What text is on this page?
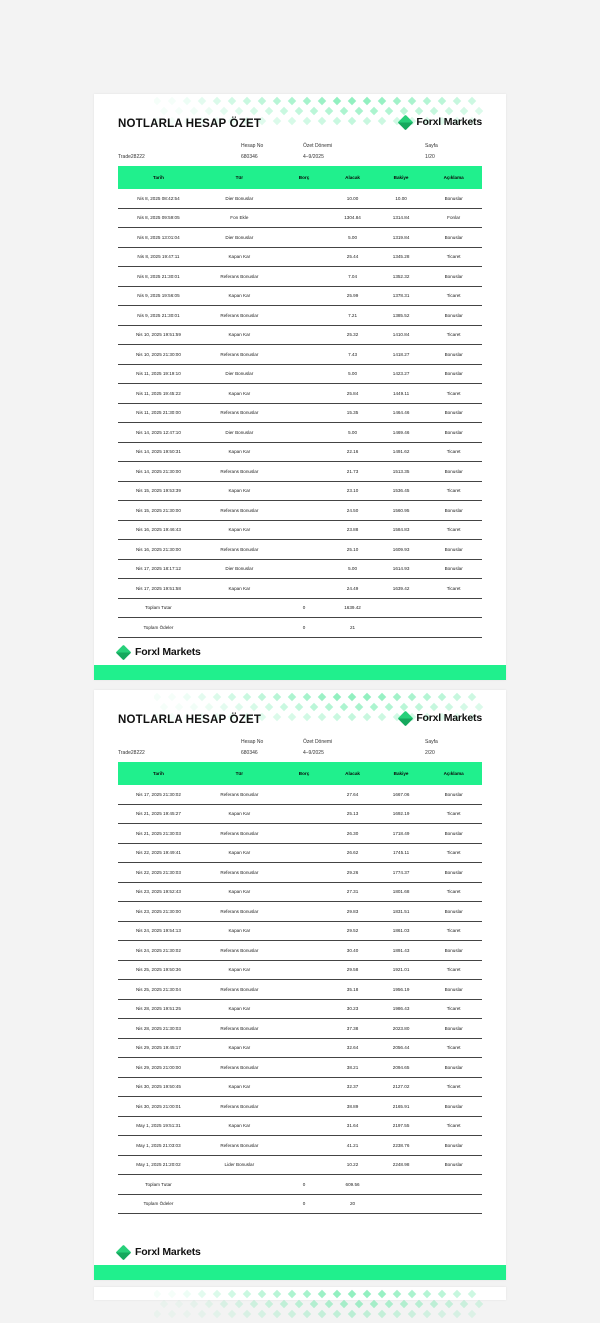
NOTLARLA HESAP ÖZET	Forxl Markets
Hesap No
680346
Özet Dönemi
4–9/2025
Sayfa
1/20
Trade28222
Tarih	Tür	Borç	Alacak	Bakiye	Açıklama
Nis 8, 2025 08:42:54	Dier Bonuslar		10.00	10.00	Bonuslar
Nis 8, 2025 09:59:05	Fon Ekle		1304.84	1314.84	Fonlar
Nis 8, 2025 13:01:04	Dier Bonuslar		5.00	1319.84	Bonuslar
Nis 8, 2025 19:47:11	Kapan Kar		25.44	1345.28	Ticaret
Nis 8, 2025 21:30:01	Referans Bonuslar		7.04	1352.32	Bonuslar
Nis 9, 2025 19:56:05	Kapan Kar		25.99	1378.31	Ticaret
Nis 9, 2025 21:30:01	Referans Bonuslar		7.21	1385.52	Bonuslar
Nis 10, 2025 19:51:59	Kapan Kar		25.32	1410.84	Ticaret
Nis 10, 2025 21:30:00	Referans Bonuslar		7.43	1418.27	Bonuslar
Nis 11, 2025 19:19:10	Dier Bonuslar		5.00	1423.27	Bonuslar
Nis 11, 2025 19:45:22	Kapan Kar		25.84	1449.11	Ticaret
Nis 11, 2025 21:30:00	Referans Bonuslar		15.35	1464.46	Bonuslar
Nis 14, 2025 12:47:10	Dier Bonuslar		5.00	1469.46	Bonuslar
Nis 14, 2025 19:50:31	Kapan Kar		22.16	1491.62	Ticaret
Nis 14, 2025 21:30:00	Referans Bonuslar		21.73	1513.35	Bonuslar
Nis 15, 2025 19:53:39	Kapan Kar		23.10	1536.45	Ticaret
Nis 15, 2025 21:30:00	Referans Bonuslar		24.50	1560.95	Bonuslar
Nis 16, 2025 19:46:43	Kapan Kar		23.88	1584.83	Ticaret
Nis 16, 2025 21:30:00	Referans Bonuslar		25.10	1609.93	Bonuslar
Nis 17, 2025 18:17:12	Dier Bonuslar		5.00	1614.93	Bonuslar
Nis 17, 2025 19:51:58	Kapan Kar		24.49	1639.42	Ticaret
Toplam Tutar		0	1639.42		
Toplam Ödeler		0	21		
Forxl Markets
NOTLARLA HESAP ÖZET	Forxl Markets
Hesap No
680346
Özet Dönemi
4–9/2025
Sayfa
2/20
Trade28222
Tarih	Tür	Borç	Alacak	Bakiye	Açıklama
Nis 17, 2025 21:30:02	Referans Bonuslar		27.64	1667.06	Bonuslar
Nis 21, 2025 19:45:27	Kapan Kar		25.13	1692.19	Ticaret
Nis 21, 2025 21:30:03	Referans Bonuslar		26.30	1718.49	Bonuslar
Nis 22, 2025 19:49:41	Kapan Kar		26.62	1745.11	Ticaret
Nis 22, 2025 21:30:03	Referans Bonuslar		29.26	1774.37	Bonuslar
Nis 23, 2025 19:52:43	Kapan Kar		27.31	1801.68	Ticaret
Nis 23, 2025 21:30:00	Referans Bonuslar		29.83	1831.51	Bonuslar
Nis 24, 2025 19:54:13	Kapan Kar		29.52	1861.03	Ticaret
Nis 24, 2025 21:30:02	Referans Bonuslar		30.40	1891.43	Bonuslar
Nis 25, 2025 19:50:36	Kapan Kar		29.58	1921.01	Ticaret
Nis 25, 2025 21:30:04	Referans Bonuslar		35.18	1956.19	Bonuslar
Nis 28, 2025 19:51:25	Kapan Kar		30.23	1986.43	Ticaret
Nis 28, 2025 21:30:03	Referans Bonuslar		37.38	2023.80	Bonuslar
Nis 29, 2025 19:45:17	Kapan Kar		32.64	2056.44	Ticaret
Nis 29, 2025 21:00:00	Referans Bonuslar		38.21	2094.65	Bonuslar
Nis 30, 2025 19:50:45	Kapan Kar		32.37	2127.02	Ticaret
Nis 30, 2025 21:00:01	Referans Bonuslar		38.89	2165.91	Bonuslar
May 1, 2025 19:51:31	Kapan Kar		31.64	2197.55	Ticaret
May 1, 2025 21:03:03	Referans Bonuslar		41.21	2238.76	Bonuslar
May 1, 2025 21:20:02	Lider Bonuslar		10.22	2248.98	Bonuslar
Toplam Tutar		0	609.56		
Toplam Ödeler		0	20		
Forxl Markets
